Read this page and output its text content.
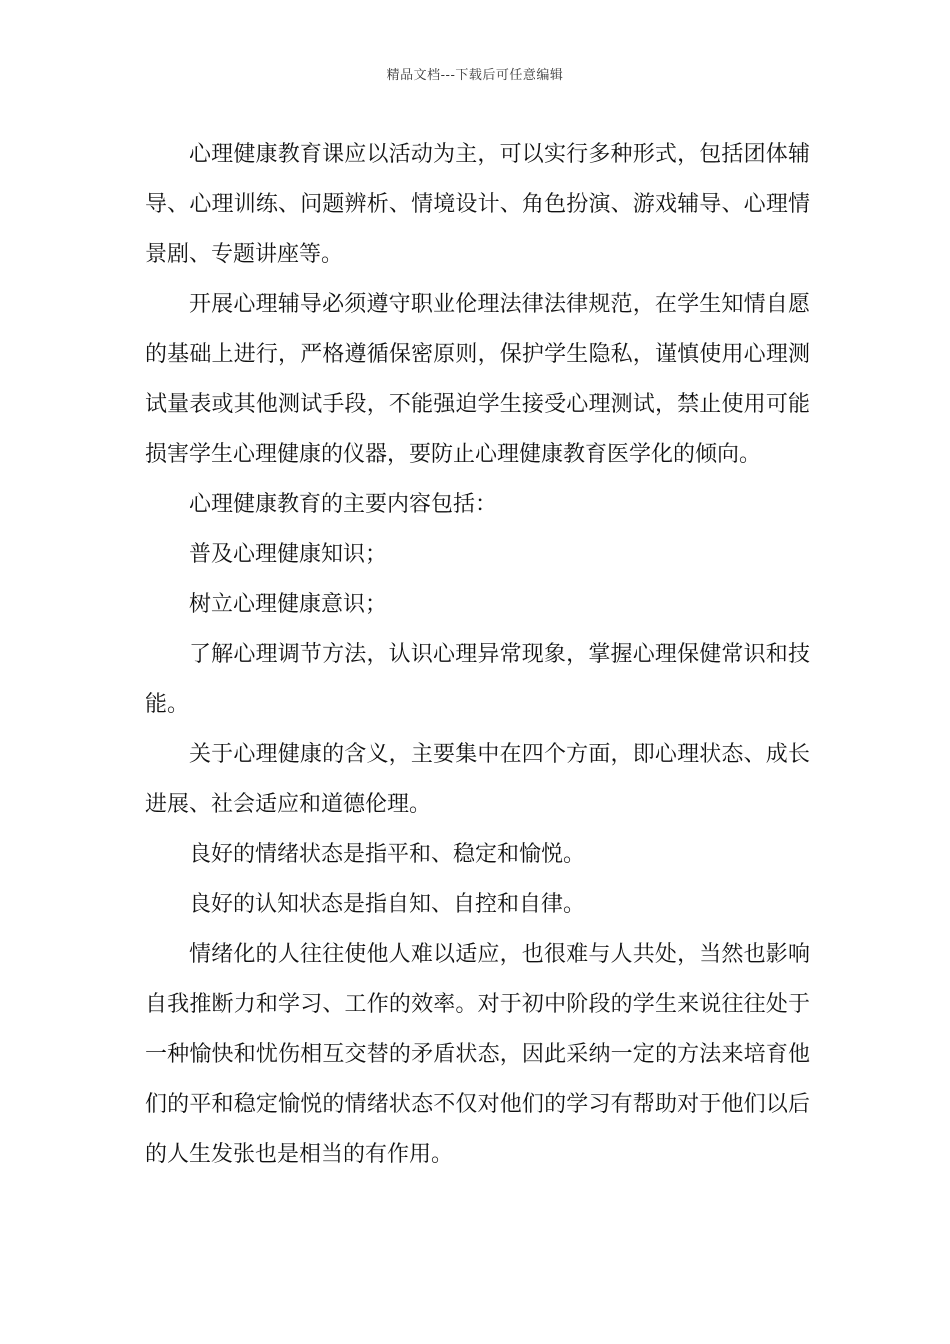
精品文档---下载后可任意编辑

心理健康教育课应以活动为主，可以实行多种形式，包括团体辅导、心理训练、问题辨析、情境设计、角色扮演、游戏辅导、心理情景剧、专题讲座等。

开展心理辅导必须遵守职业伦理法律法律规范，在学生知情自愿的基础上进行，严格遵循保密原则，保护学生隐私，谨慎使用心理测试量表或其他测试手段，不能强迫学生接受心理测试，禁止使用可能损害学生心理健康的仪器，要防止心理健康教育医学化的倾向。

心理健康教育的主要内容包括：

普及心理健康知识；

树立心理健康意识；

了解心理调节方法，认识心理异常现象，掌握心理保健常识和技能。

关于心理健康的含义，主要集中在四个方面，即心理状态、成长进展、社会适应和道德伦理。

良好的情绪状态是指平和、稳定和愉悦。

良好的认知状态是指自知、自控和自律。

情绪化的人往往使他人难以适应，也很难与人共处，当然也影响自我推断力和学习、工作的效率。对于初中阶段的学生来说往往处于一种愉快和忧伤相互交替的矛盾状态，因此采纳一定的方法来培育他们的平和稳定愉悦的情绪状态不仅对他们的学习有帮助对于他们以后的人生发张也是相当的有作用。
